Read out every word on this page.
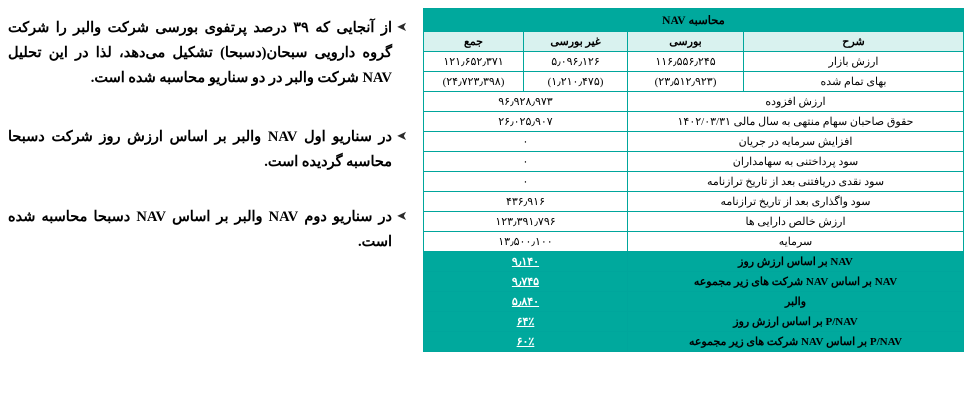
➤
از آنجایی که ۳۹ درصد پرتفوی بورسی شرکت والبر را شرکت گروه دارویی سبحان(دسبحا) تشکیل می‌دهد، لذا در این تحلیل NAV شرکت والبر در دو سناریو محاسبه شده است.
➤
در سناریو اول NAV والبر بر اساس ارزش روز شرکت دسبحا محاسبه گردیده است.
➤
در سناریو دوم NAV والبر بر اساس NAV دسبحا محاسبه شده است.
محاسبه NAV			
شرح	بورسی	غیر بورسی	جمع
ارزش بازار	۱۱۶٫۵۵۶٫۲۴۵	۵٫۰۹۶٫۱۲۶	۱۲۱٫۶۵۲٫۳۷۱
بهای تمام شده	(۲۳٫۵۱۲٫۹۲۳)	(۱٫۲۱۰٫۴۷۵)	(۲۴٫۷۲۳٫۳۹۸)
ارزش افزوده		۹۶٫۹۲۸٫۹۷۳	
حقوق صاحبان سهام منتهی به سال مالی ۱۴۰۲/۰۳/۳۱		۲۶٫۰۲۵٫۹۰۷	
افزایش سرمایه در جریان		۰	
سود پرداختنی به سهامداران		۰	
سود نقدی دریافتنی بعد از تاریخ ترازنامه		۰	
سود واگذاری بعد از تاریخ ترازنامه		۴۳۶٫۹۱۶	
ارزش خالص دارایی ها		۱۲۳٫۳۹۱٫۷۹۶	
سرمایه		۱۳٫۵۰۰٫۱۰۰	
NAV بر اساس ارزش روز		۹٫۱۴۰	
NAV بر اساس NAV شرکت های زیر مجموعه		۹٫۷۴۵	
والبر		۵٫۸۴۰	
P/NAV بر اساس ارزش روز		۶۴٪	
P/NAV بر اساس NAV شرکت های زیر مجموعه		۶۰٪	
